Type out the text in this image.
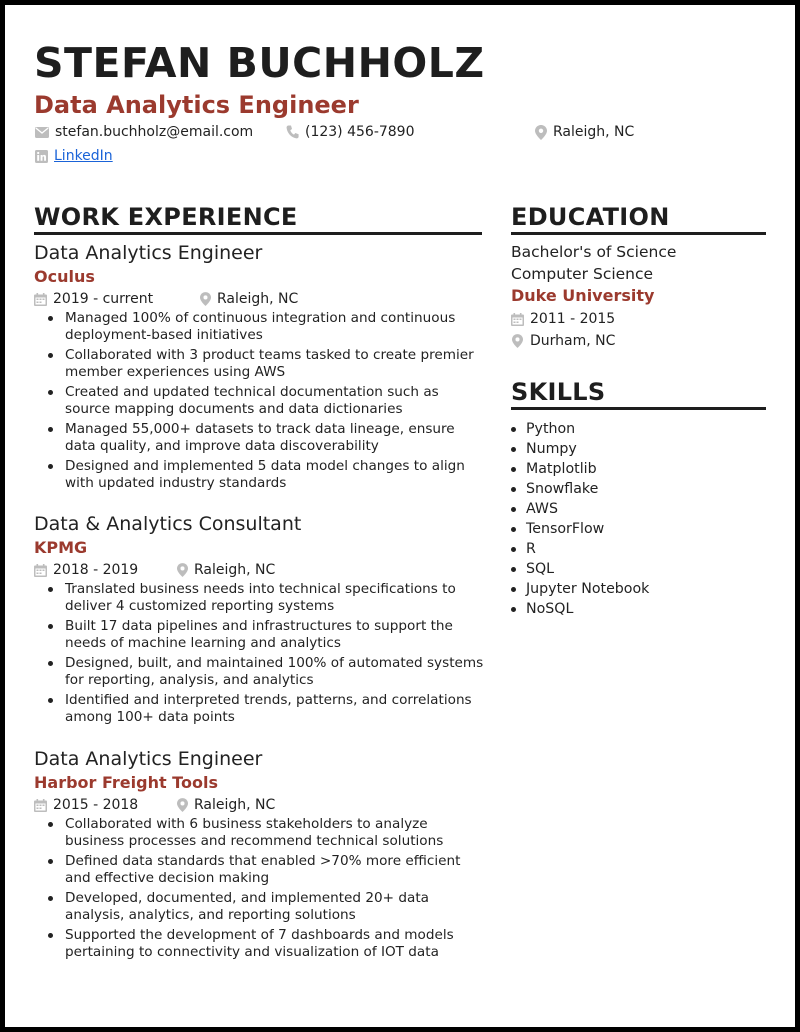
STEFAN BUCHHOLZ
Data Analytics Engineer
stefan.buchholz@email.com	(123) 456-7890	Raleigh, NC
LinkedIn
WORK EXPERIENCE	EDUCATION
SKILLS
Data Analytics Engineer
Oculus
2019 - current	Raleigh, NC
Managed 100% of continuous integration and continuous deployment-based initiatives
Collaborated with 3 product teams tasked to create premier member experiences using AWS
Created and updated technical documentation such as source mapping documents and data dictionaries
Managed 55,000+ datasets to track data lineage, ensure data quality, and improve data discoverability
Designed and implemented 5 data model changes to align with updated industry standards
Data & Analytics Consultant
KPMG
2018 - 2019	Raleigh, NC
Translated business needs into technical specifications to deliver 4 customized reporting systems
Built 17 data pipelines and infrastructures to support the needs of machine learning and analytics
Designed, built, and maintained 100% of automated systems for reporting, analysis, and analytics
Identified and interpreted trends, patterns, and correlations among 100+ data points
Data Analytics Engineer
Harbor Freight Tools
2015 - 2018	Raleigh, NC
Collaborated with 6 business stakeholders to analyze business processes and recommend technical solutions
Defined data standards that enabled >70% more efficient and effective decision making
Developed, documented, and implemented 20+ data analysis, analytics, and reporting solutions
Supported the development of 7 dashboards and models pertaining to connectivity and visualization of IOT data
Bachelor's of Science
Computer Science
Duke University
2011 - 2015
Durham, NC
Python
Numpy
Matplotlib
Snowflake
AWS
TensorFlow
R
SQL
Jupyter Notebook
NoSQL
